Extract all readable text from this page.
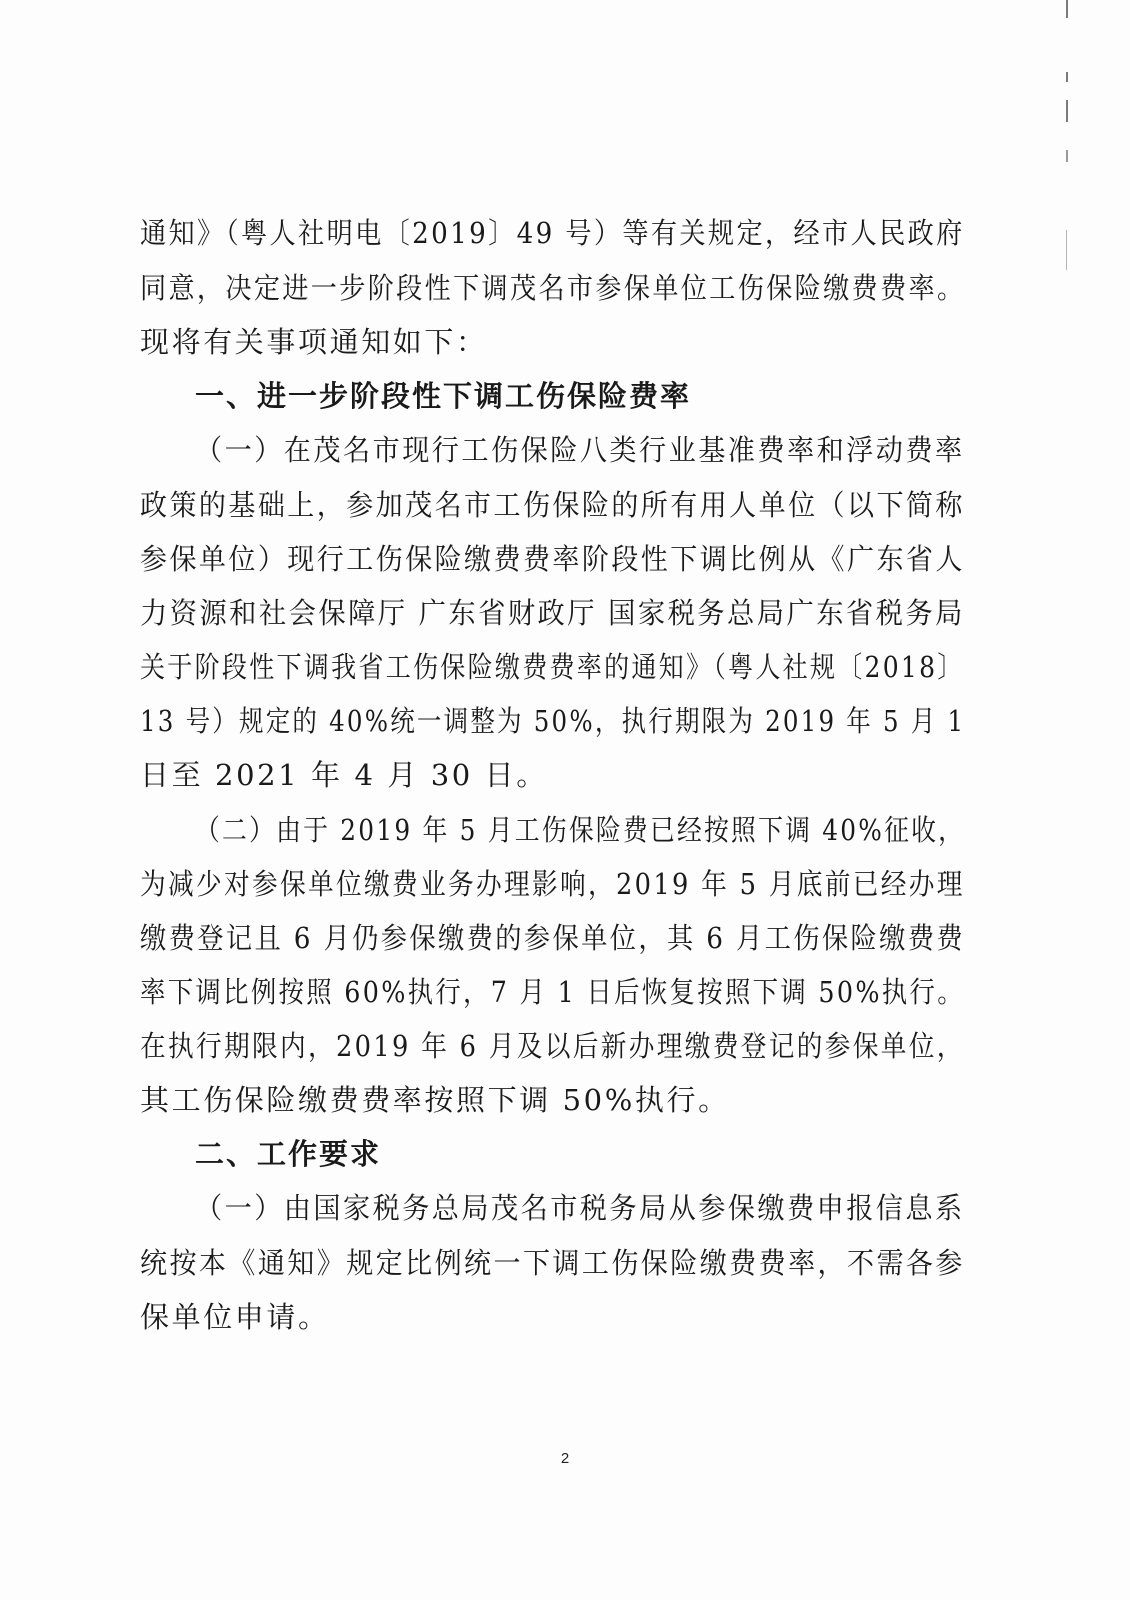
通知》（粤人社明电〔2019〕49 号）等有关规定，经市人民政府
同意，决定进一步阶段性下调茂名市参保单位工伤保险缴费费率。
现将有关事项通知如下：
一、进一步阶段性下调工伤保险费率
（一）在茂名市现行工伤保险八类行业基准费率和浮动费率
政策的基础上，参加茂名市工伤保险的所有用人单位（以下简称
参保单位）现行工伤保险缴费费率阶段性下调比例从《广东省人
力资源和社会保障厅 广东省财政厅 国家税务总局广东省税务局
关于阶段性下调我省工伤保险缴费费率的通知》（粤人社规〔2018〕
13 号）规定的 40%统一调整为 50%，执行期限为 2019 年 5 月 1
日至 2021 年 4 月 30 日。
（二）由于 2019 年 5 月工伤保险费已经按照下调 40%征收，
为减少对参保单位缴费业务办理影响，2019 年 5 月底前已经办理
缴费登记且 6 月仍参保缴费的参保单位，其 6 月工伤保险缴费费
率下调比例按照 60%执行，7 月 1 日后恢复按照下调 50%执行。
在执行期限内，2019 年 6 月及以后新办理缴费登记的参保单位，
其工伤保险缴费费率按照下调 50%执行。
二、工作要求
（一）由国家税务总局茂名市税务局从参保缴费申报信息系
统按本《通知》规定比例统一下调工伤保险缴费费率，不需各参
保单位申请。
2
